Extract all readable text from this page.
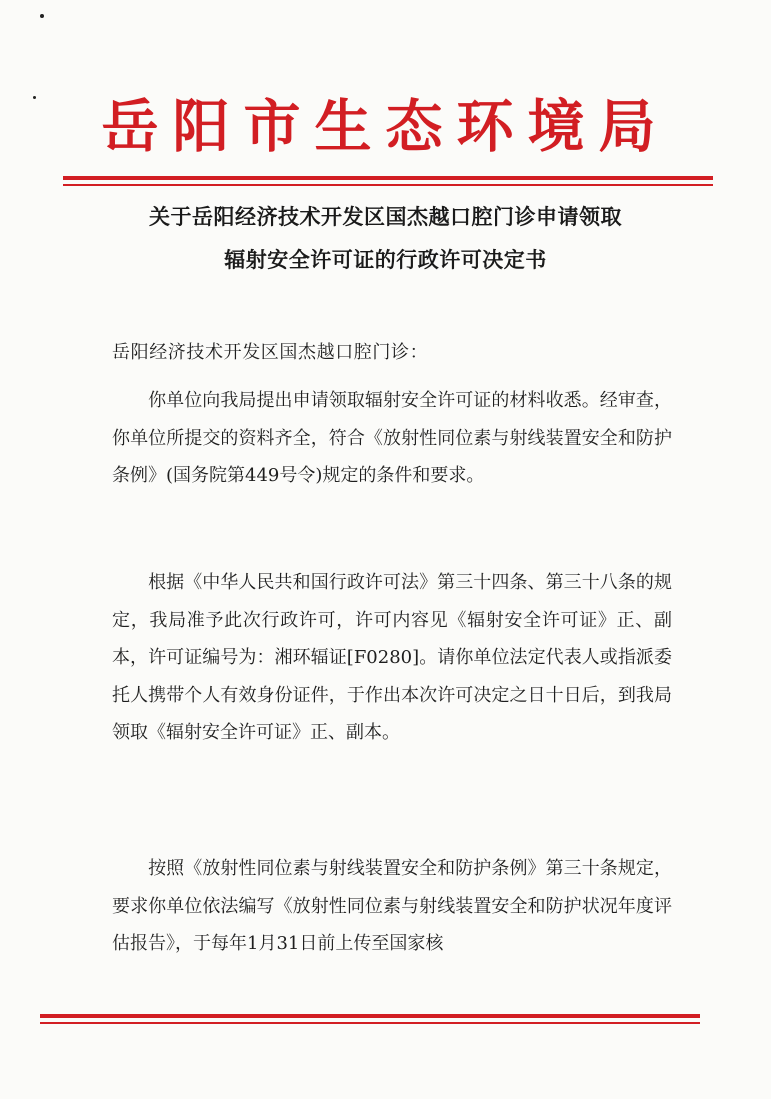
岳阳市生态环境局
关于岳阳经济技术开发区国杰越口腔门诊申请领取
辐射安全许可证的行政许可决定书

岳阳经济技术开发区国杰越口腔门诊：

你单位向我局提出申请领取辐射安全许可证的材料收悉。经审查，你单位所提交的资料齐全，符合《放射性同位素与射线装置安全和防护条例》(国务院第449号令)规定的条件和要求。

根据《中华人民共和国行政许可法》第三十四条、第三十八条的规定，我局准予此次行政许可，许可内容见《辐射安全许可证》正、副本，许可证编号为：湘环辐证[F0280]。请你单位法定代表人或指派委托人携带个人有效身份证件，于作出本次许可决定之日十日后，到我局领取《辐射安全许可证》正、副本。

按照《放射性同位素与射线装置安全和防护条例》第三十条规定，要求你单位依法编写《放射性同位素与射线装置安全和防护状况年度评估报告》，于每年1月31日前上传至国家核
